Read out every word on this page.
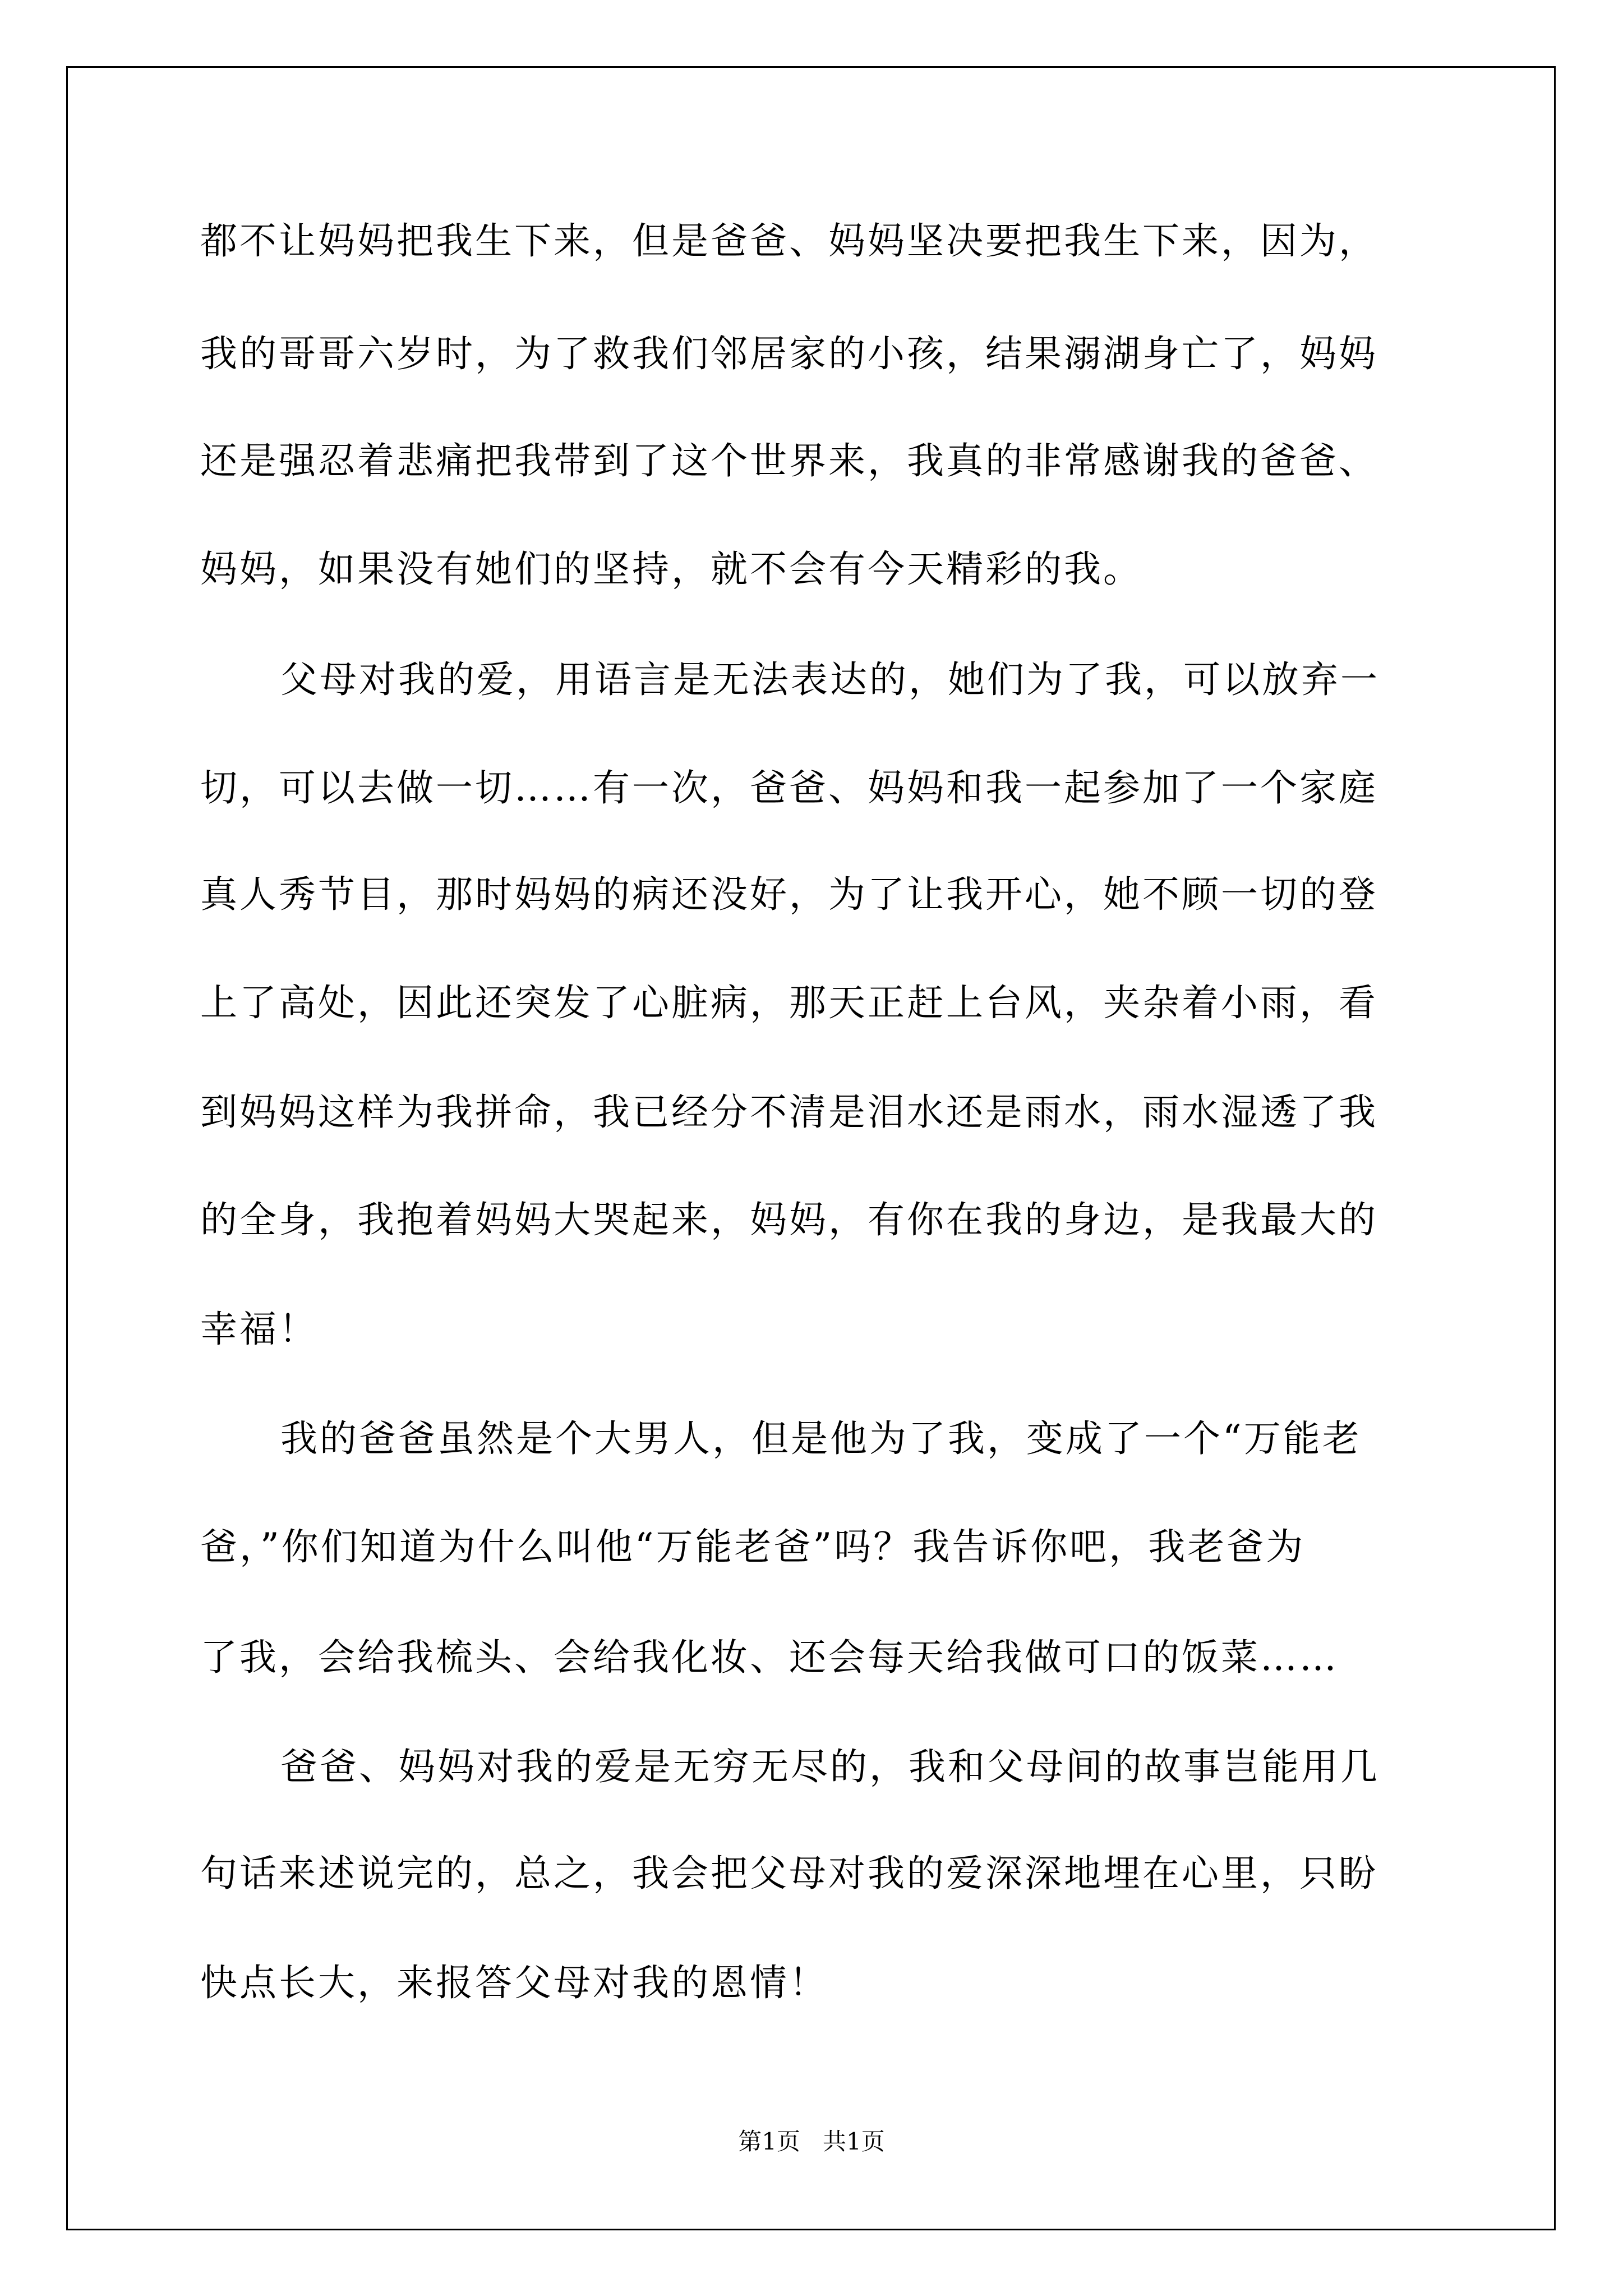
都不让妈妈把我生下来，但是爸爸、妈妈坚决要把我生下来，因为，

我的哥哥六岁时，为了救我们邻居家的小孩，结果溺湖身亡了，妈妈

还是强忍着悲痛把我带到了这个世界来，我真的非常感谢我的爸爸、

妈妈，如果没有她们的坚持，就不会有今天精彩的我。

父母对我的爱，用语言是无法表达的，她们为了我，可以放弃一

切，可以去做一切……有一次，爸爸、妈妈和我一起参加了一个家庭

真人秀节目，那时妈妈的病还没好，为了让我开心，她不顾一切的登

上了高处，因此还突发了心脏病，那天正赶上台风，夹杂着小雨，看

到妈妈这样为我拼命，我已经分不清是泪水还是雨水，雨水湿透了我

的全身，我抱着妈妈大哭起来，妈妈，有你在我的身边，是我最大的

幸福！

我的爸爸虽然是个大男人，但是他为了我，变成了一个“万能老

爸，”你们知道为什么叫他“万能老爸”吗？我告诉你吧，我老爸为

了我，会给我梳头、会给我化妆、还会每天给我做可口的饭菜……

爸爸、妈妈对我的爱是无穷无尽的，我和父母间的故事岂能用几

句话来述说完的，总之，我会把父母对我的爱深深地埋在心里，只盼

快点长大，来报答父母对我的恩情！

第1页 共1页
